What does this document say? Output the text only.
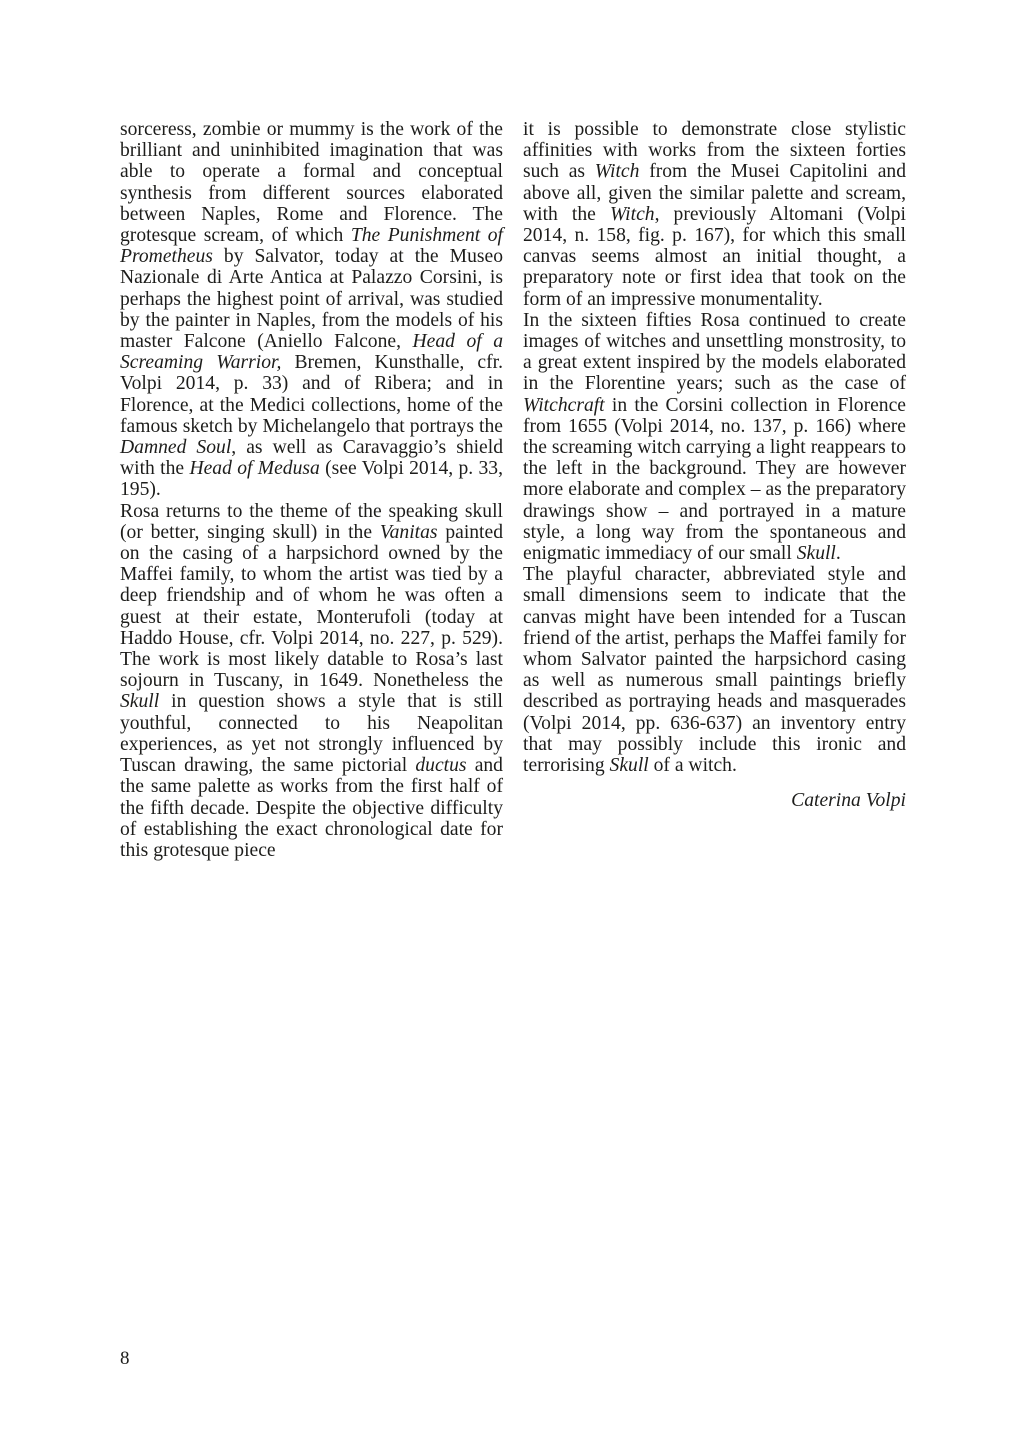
sorceress, zombie or mummy is the work of the brilliant and uninhibited imagination that was able to operate a formal and conceptual synthesis from different sources elaborated between Naples, Rome and Florence. The grotesque scream, of which The Punishment of Prometheus by Salvator, today at the Museo Nazionale di Arte Antica at Palazzo Corsini, is perhaps the highest point of arrival, was studied by the painter in Naples, from the models of his master Falcone (Aniello Falcone, Head of a Screaming Warrior, Bremen, Kunsthalle, cfr. Volpi 2014, p. 33) and of Ribera; and in Florence, at the Medici collections, home of the famous sketch by Michelangelo that portrays the Damned Soul, as well as Caravaggio’s shield with the Head of Medusa (see Volpi 2014, p. 33, 195).

Rosa returns to the theme of the speaking skull (or better, singing skull) in the Vanitas painted on the casing of a harpsichord owned by the Maffei family, to whom the artist was tied by a deep friendship and of whom he was often a guest at their estate, Monterufoli (today at Haddo House, cfr. Volpi 2014, no. 227, p. 529). The work is most likely datable to Rosa’s last sojourn in Tuscany, in 1649. Nonetheless the Skull in question shows a style that is still youthful, connected to his Neapolitan experiences, as yet not strongly influenced by Tuscan drawing, the same pictorial ductus and the same palette as works from the first half of the fifth decade. Despite the objective difficulty of establishing the exact chronological date for this grotesque piece

it is possible to demonstrate close stylistic affinities with works from the sixteen forties such as Witch from the Musei Capitolini and above all, given the similar palette and scream, with the Witch, previously Altomani (Volpi 2014, n. 158, fig. p. 167), for which this small canvas seems almost an initial thought, a preparatory note or first idea that took on the form of an impressive monumentality.

In the sixteen fifties Rosa continued to create images of witches and unsettling monstrosity, to a great extent inspired by the models elaborated in the Florentine years; such as the case of Witchcraft in the Corsini collection in Florence from 1655 (Volpi 2014, no. 137, p. 166) where the screaming witch carrying a light reappears to the left in the background. They are however more elaborate and complex – as the preparatory drawings show – and portrayed in a mature style, a long way from the spontaneous and enigmatic immediacy of our small Skull.

The playful character, abbreviated style and small dimensions seem to indicate that the canvas might have been intended for a Tuscan friend of the artist, perhaps the Maffei family for whom Salvator painted the harpsichord casing as well as numerous small paintings briefly described as portraying heads and masquerades (Volpi 2014, pp. 636-637) an inventory entry that may possibly include this ironic and terrorising Skull of a witch.

Caterina Volpi

8
